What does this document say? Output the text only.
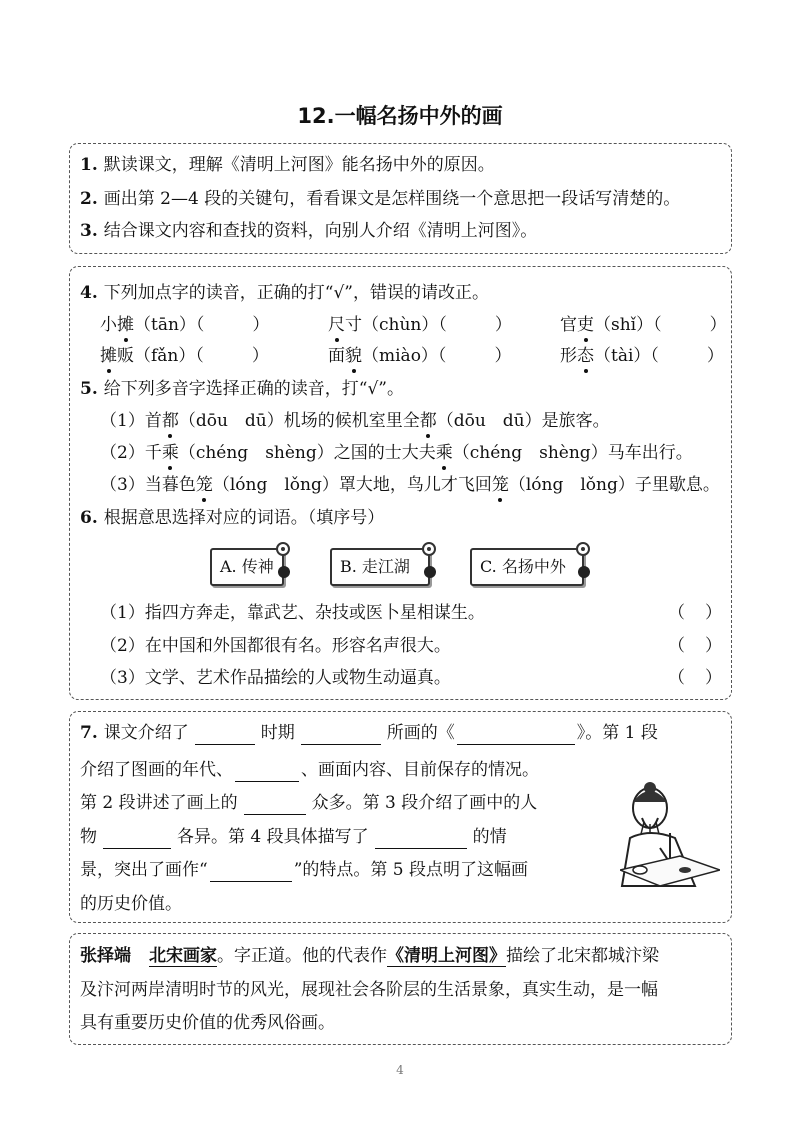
12.一幅名扬中外的画
1. 默读课文，理解《清明上河图》能名扬中外的原因。
2. 画出第 2—4 段的关键句，看看课文是怎样围绕一个意思把一段话写清楚的。
3. 结合课文内容和查找的资料，向别人介绍《清明上河图》。
4. 下列加点字的读音，正确的打“√”，错误的请改正。
小摊（tān）（	）	尺寸（chùn）（	）	官吏（shǐ）（	）
摊贩（fǎn）（	）	面貌（miào）（	）	形态（tài）（	）
5. 给下列多音字选择正确的读音，打“√”。
（1）首都（dōu　dū）机场的候机室里全都（dōu　dū）是旅客。
（2）千乘（chéng　shèng）之国的士大夫乘（chéng　shèng）马车出行。
（3）当暮色笼（lóng　lǒng）罩大地，鸟儿才飞回笼（lóng　lǒng）子里歇息。
6. 根据意思选择对应的词语。（填序号）
A. 传神	B. 走江湖	C. 名扬中外
（1）指四方奔走，靠武艺、杂技或医卜星相谋生。	（ ）
（2）在中国和外国都很有名。形容名声很大。	（ ）
（3）文学、艺术作品描绘的人或物生动逼真。	（ ）
7. 课文介绍了	时期	所画的《	》。第 1 段
介绍了图画的年代、	、画面内容、目前保存的情况。
第 2 段讲述了画上的	众多。第 3 段介绍了画中的人
物	各异。第 4 段具体描写了	的情
景，突出了画作“	”的特点。第 5 段点明了这幅画
的历史价值。
张择端 北宋画家。字正道。他的代表作《清明上河图》描绘了北宋都城汴梁
及汴河两岸清明时节的风光，展现社会各阶层的生活景象，真实生动，是一幅
具有重要历史价值的优秀风俗画。
4
